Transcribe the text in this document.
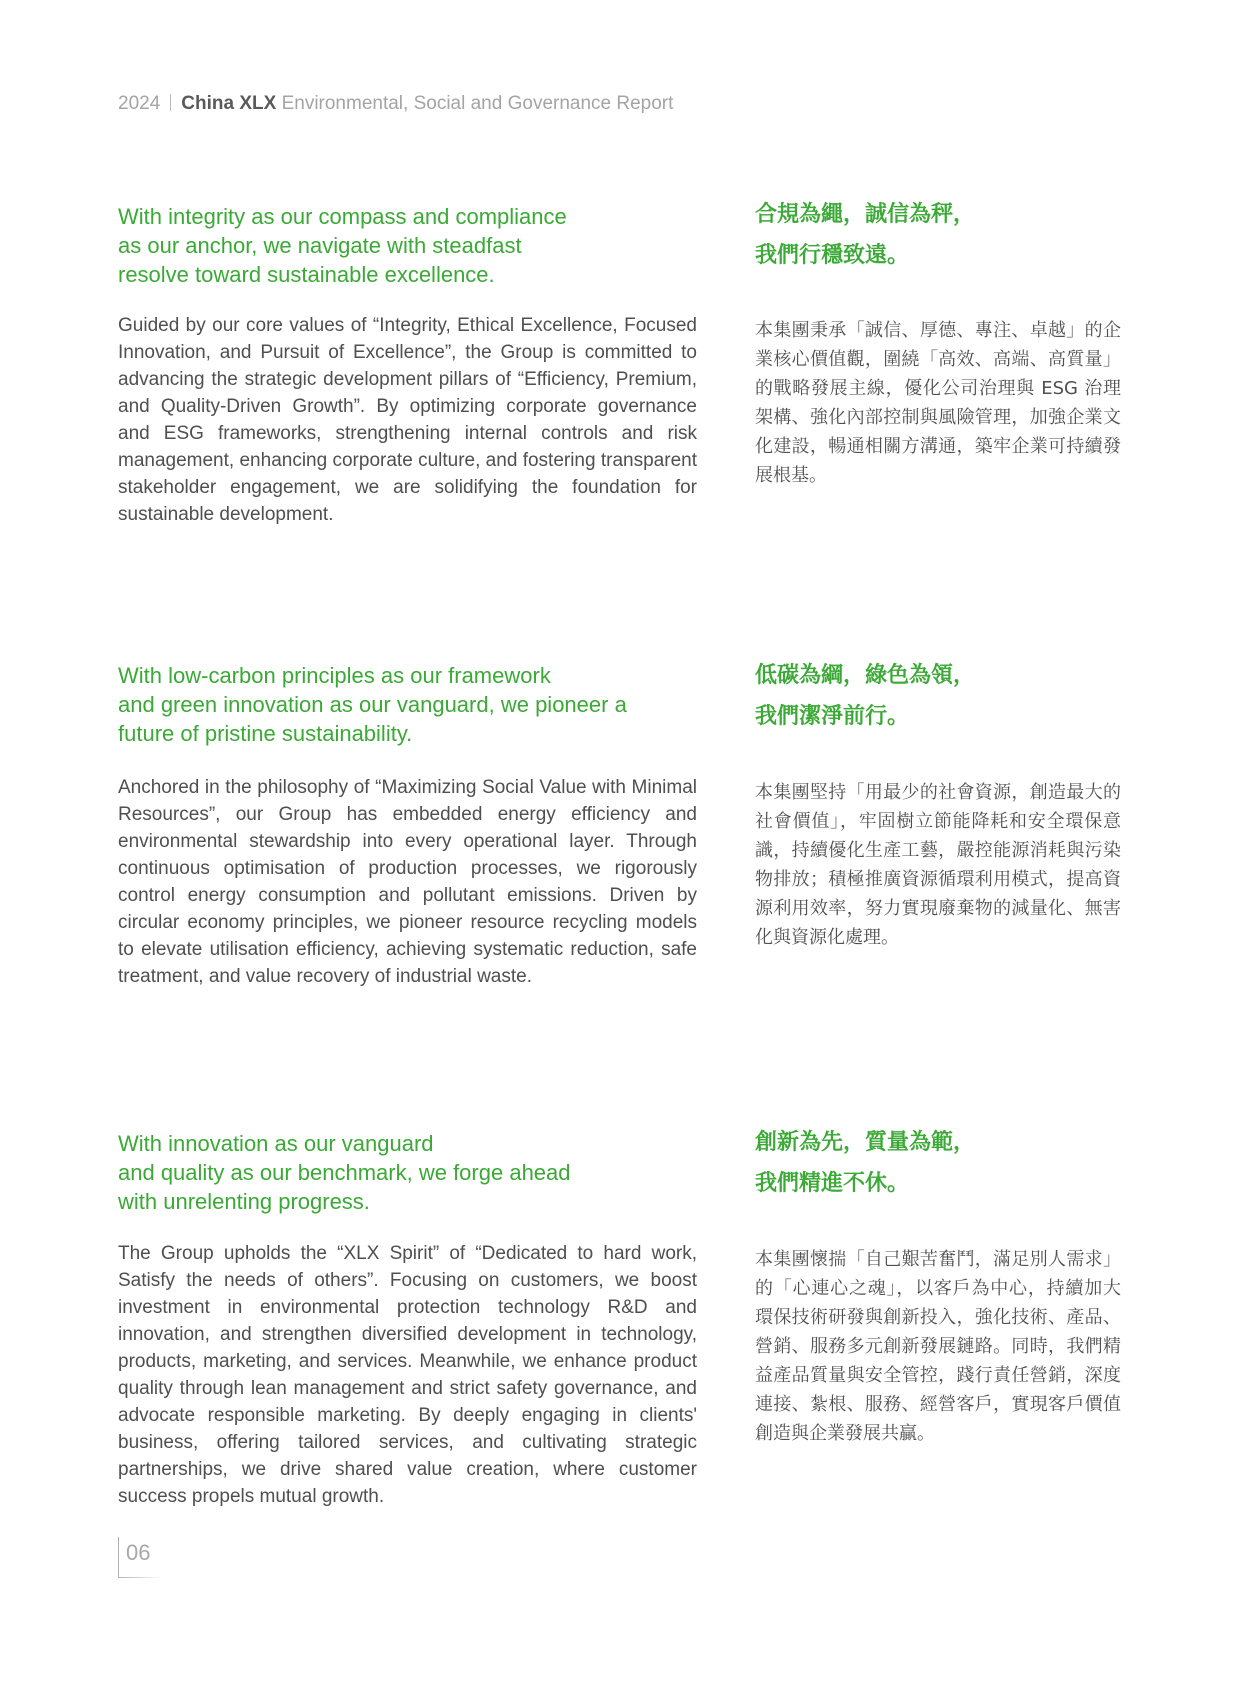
2024 China XLX Environmental, Social and Governance Report
With integrity as our compass and compliance
as our anchor, we navigate with steadfast
resolve toward sustainable excellence.
Guided by our core values of “Integrity, Ethical Excellence, Focused Innovation, and Pursuit of Excellence”, the Group is committed to advancing the strategic development pillars of “Efficiency, Premium, and Quality-Driven Growth”. By optimizing corporate governance and ESG frameworks, strengthening internal controls and risk management, enhancing corporate culture, and fostering transparent stakeholder engagement, we are solidifying the foundation for sustainable development.
合規為繩，誠信為秤，
我們行穩致遠。
本集團秉承「誠信、厚德、專注、卓越」的企業核心價值觀，圍繞「高效、高端、高質量」的戰略發展主線，優化公司治理與 ESG 治理架構、強化內部控制與風險管理，加強企業文化建設，暢通相關方溝通，築牢企業可持續發展根基。
With low-carbon principles as our framework
and green innovation as our vanguard, we pioneer a
future of pristine sustainability.
Anchored in the philosophy of “Maximizing Social Value with Minimal Resources”, our Group has embedded energy efficiency and environmental stewardship into every operational layer. Through continuous optimisation of production processes, we rigorously control energy consumption and pollutant emissions. Driven by circular economy principles, we pioneer resource recycling models to elevate utilisation efficiency, achieving systematic reduction, safe treatment, and value recovery of industrial waste.
低碳為綱，綠色為領，
我們潔淨前行。
本集團堅持「用最少的社會資源，創造最大的社會價值」，牢固樹立節能降耗和安全環保意識，持續優化生產工藝，嚴控能源消耗與污染物排放；積極推廣資源循環利用模式，提高資源利用效率，努力實現廢棄物的減量化、無害化與資源化處理。
With innovation as our vanguard
and quality as our benchmark, we forge ahead
with unrelenting progress.
The Group upholds the “XLX Spirit” of “Dedicated to hard work, Satisfy the needs of others”. Focusing on customers, we boost investment in environmental protection technology R&D and innovation, and strengthen diversified development in technology, products, marketing, and services. Meanwhile, we enhance product quality through lean management and strict safety governance, and advocate responsible marketing. By deeply engaging in clients' business, offering tailored services, and cultivating strategic partnerships, we drive shared value creation, where customer success propels mutual growth.
創新為先，質量為範，
我們精進不休。
本集團懷揣「自己艱苦奮鬥，滿足別人需求」的「心連心之魂」，以客戶為中心，持續加大環保技術研發與創新投入，強化技術、產品、營銷、服務多元創新發展鏈路。同時，我們精益產品質量與安全管控，踐行責任營銷，深度連接、紮根、服務、經營客戶，實現客戶價值創造與企業發展共贏。
06
